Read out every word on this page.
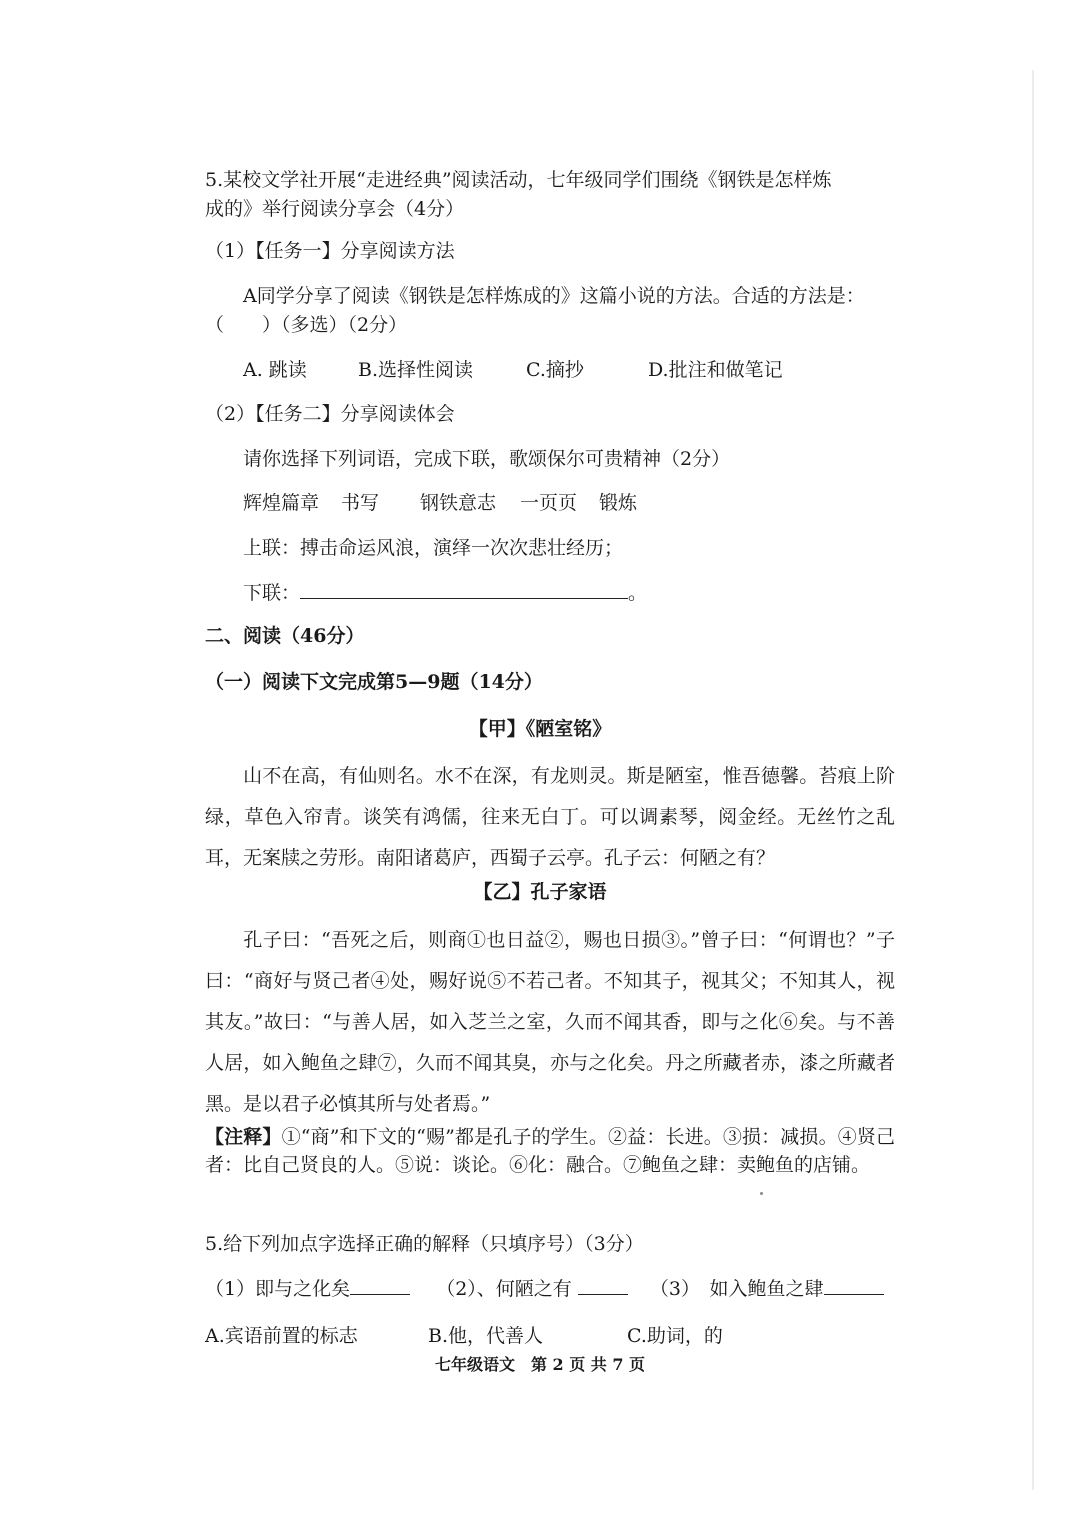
5.某校文学社开展“走进经典”阅读活动，七年级同学们围绕《钢铁是怎样炼
成的》举行阅读分享会（4分）
（1）【任务一】分享阅读方法
A同学分享了阅读《钢铁是怎样炼成的》这篇小说的方法。合适的方法是：
（　　）（多选）（2分）
A. 跳读	B.选择性阅读	C.摘抄	D.批注和做笔记
（2）【任务二】分享阅读体会
请你选择下列词语，完成下联，歌颂保尔可贵精神（2分）
辉煌篇章 书写 钢铁意志 一页页 锻炼
上联：搏击命运风浪，演绎一次次悲壮经历；
下联：	。
二、阅读（46分）
（一）阅读下文完成第5—9题（14分）
【甲】《陋室铭》
山不在高，有仙则名。水不在深，有龙则灵。斯是陋室，惟吾德馨。苔痕上阶绿，草色入帘青。谈笑有鸿儒，往来无白丁。可以调素琴，阅金经。无丝竹之乱耳，无案牍之劳形。南阳诸葛庐，西蜀子云亭。孔子云：何陋之有？
【乙】孔子家语
孔子曰：“吾死之后，则商①也日益②，赐也日损③。”曾子曰：“何谓也？”子曰：“商好与贤己者④处，赐好说⑤不若己者。不知其子，视其父；不知其人，视其友。”故曰：“与善人居，如入芝兰之室，久而不闻其香，即与之化⑥矣。与不善人居，如入鲍鱼之肆⑦，久而不闻其臭，亦与之化矣。丹之所藏者赤，漆之所藏者黑。是以君子必慎其所与处者焉。”
【注释】①“商”和下文的“赐”都是孔子的学生。②益：长进。③损：减损。④贤己者：比自己贤良的人。⑤说：谈论。⑥化：融合。⑦鲍鱼之肆：卖鲍鱼的店铺。
5.给下列加点字选择正确的解释（只填序号）（3分）
（1）即与之化矣	（2）、何陋之有	（3）　如入鲍鱼之肆
A.宾语前置的标志	B.他，代善人	C.助词，的
七年级语文　第 2 页 共 7 页
